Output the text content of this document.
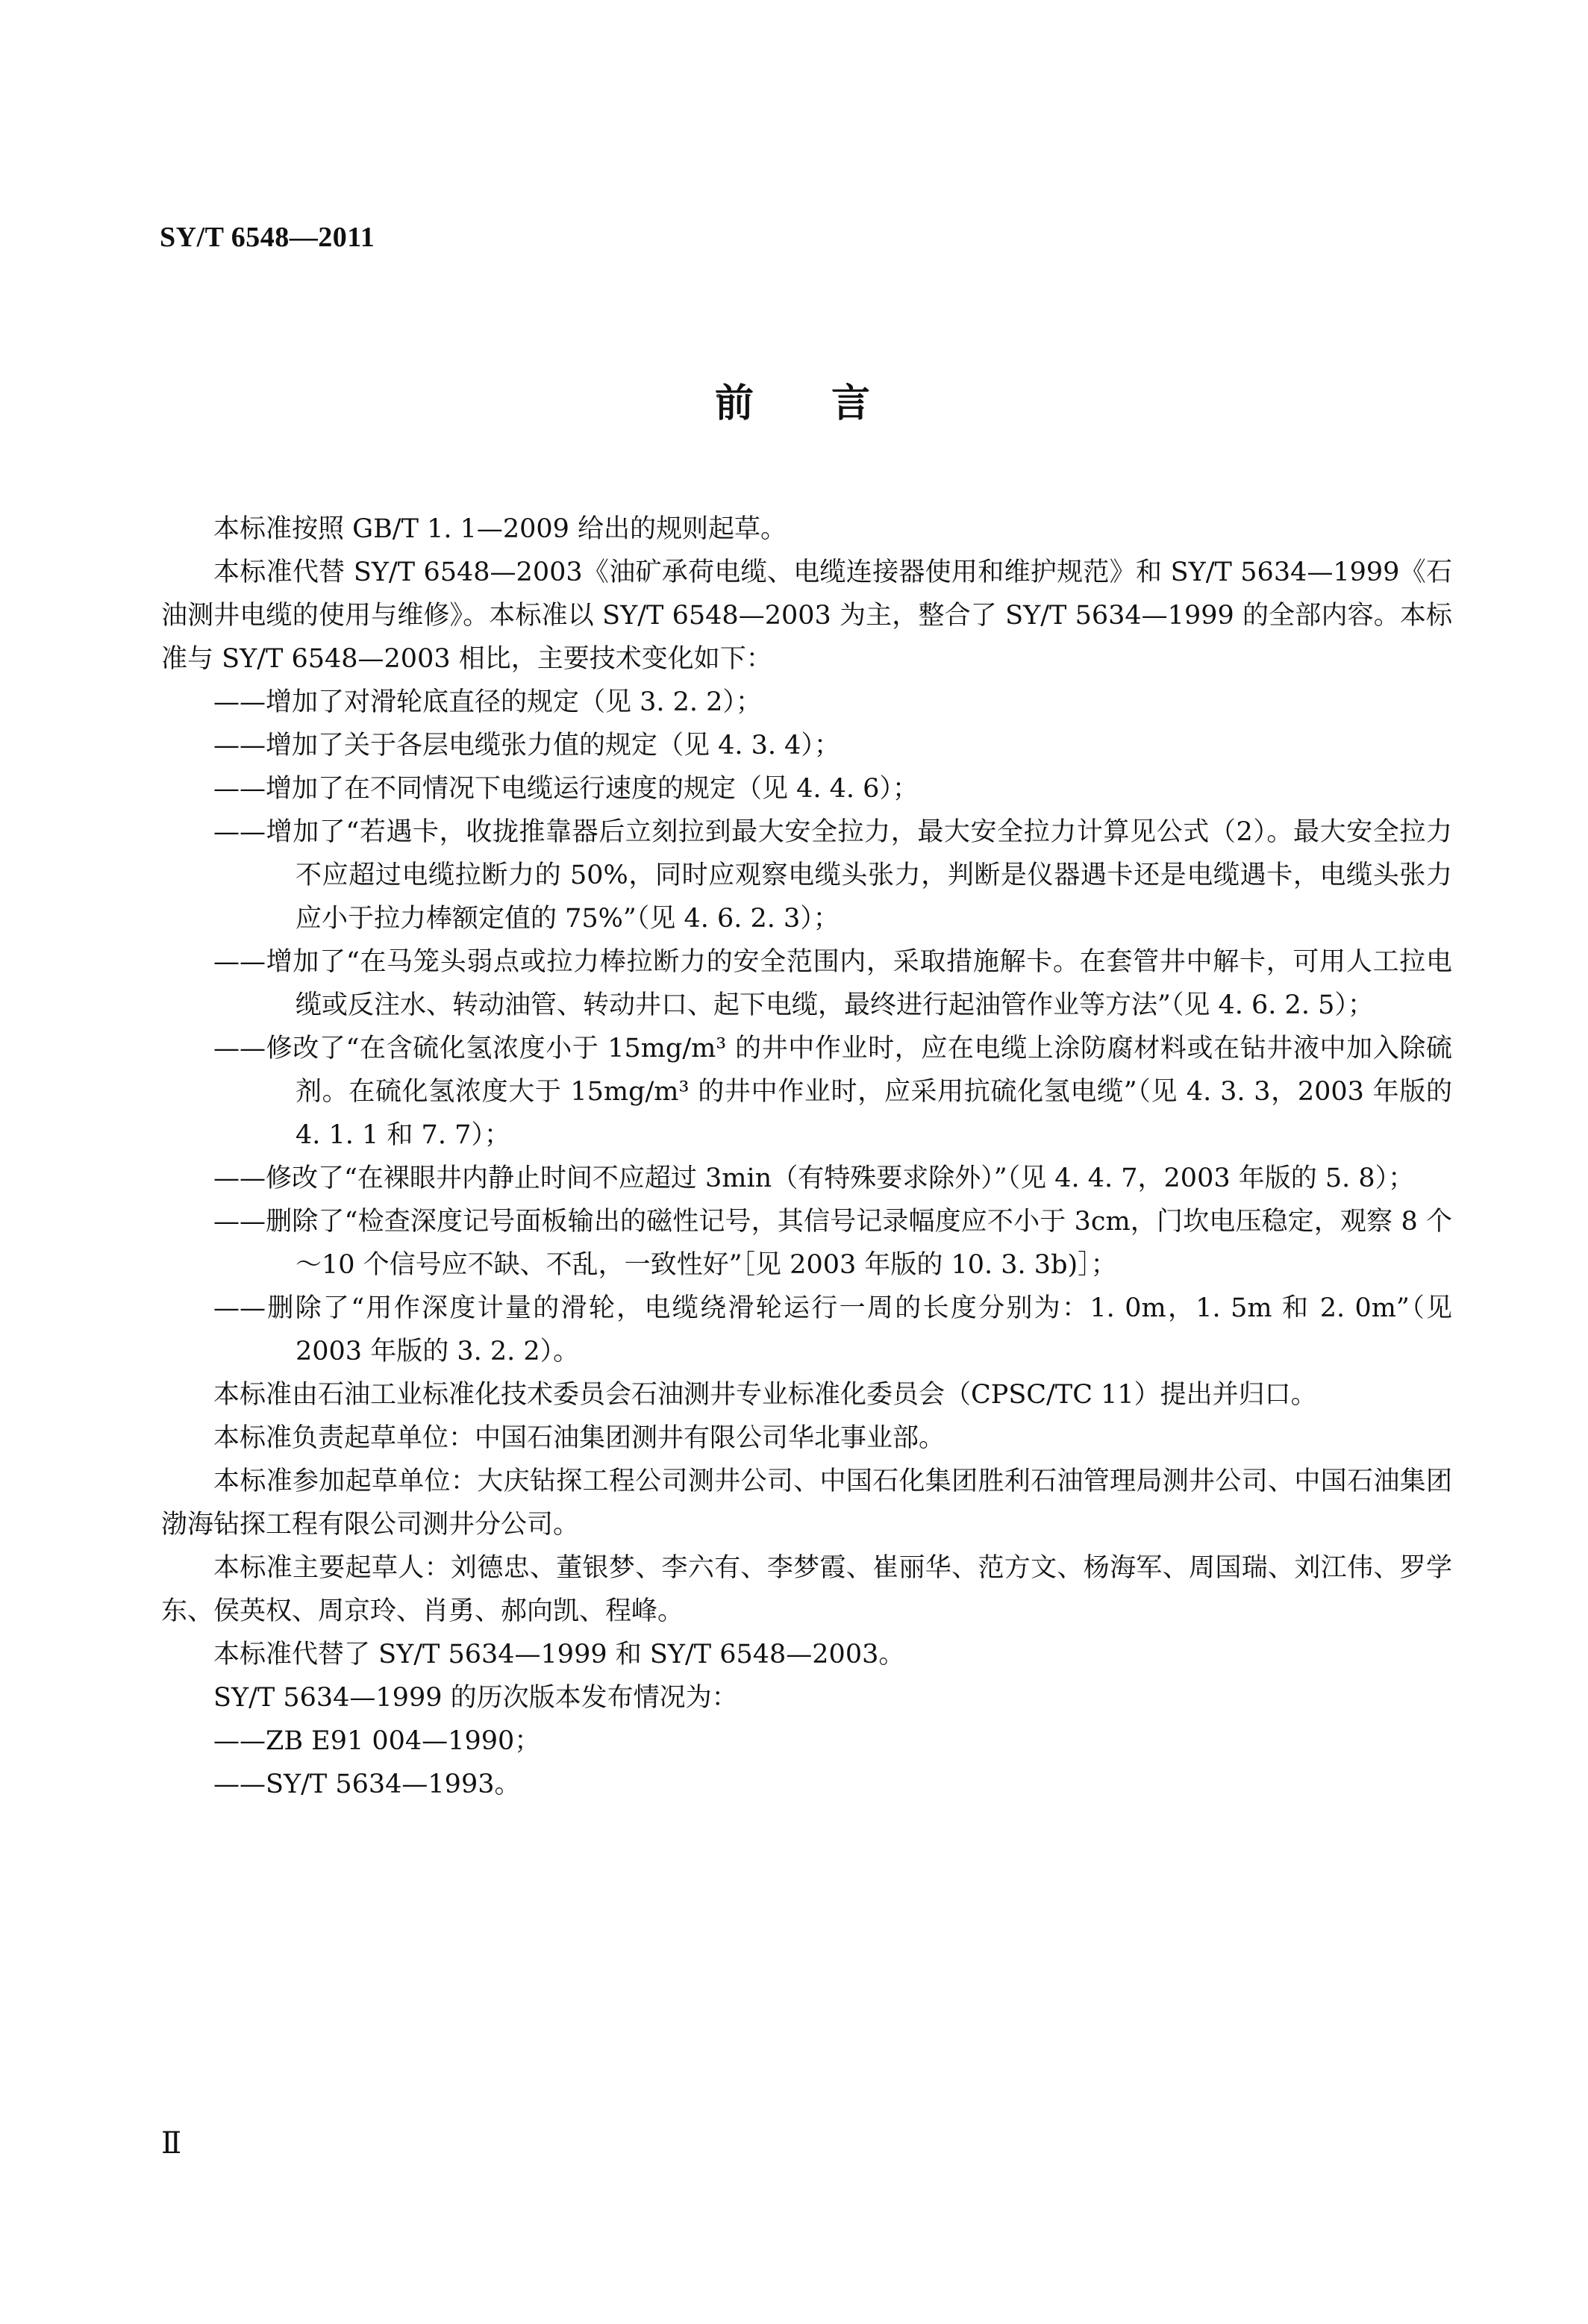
SY/T 6548—2011
前 言

本标准按照 GB/T 1. 1—2009 给出的规则起草。

本标准代替 SY/T 6548—2003《油矿承荷电缆、电缆连接器使用和维护规范》和 SY/T 5634—1999《石油测井电缆的使用与维修》。本标准以 SY/T 6548—2003 为主，整合了 SY/T 5634—1999 的全部内容。本标准与 SY/T 6548—2003 相比，主要技术变化如下：

——增加了对滑轮底直径的规定（见 3. 2. 2）；

——增加了关于各层电缆张力值的规定（见 4. 3. 4）；

——增加了在不同情况下电缆运行速度的规定（见 4. 4. 6）；

——增加了“若遇卡，收拢推靠器后立刻拉到最大安全拉力，最大安全拉力计算见公式（2）。最大安全拉力不应超过电缆拉断力的 50%，同时应观察电缆头张力，判断是仪器遇卡还是电缆遇卡，电缆头张力应小于拉力棒额定值的 75%”（见 4. 6. 2. 3）；

——增加了“在马笼头弱点或拉力棒拉断力的安全范围内，采取措施解卡。在套管井中解卡，可用人工拉电缆或反注水、转动油管、转动井口、起下电缆，最终进行起油管作业等方法”（见 4. 6. 2. 5）；

——修改了“在含硫化氢浓度小于 15mg/m³ 的井中作业时，应在电缆上涂防腐材料或在钻井液中加入除硫剂。在硫化氢浓度大于 15mg/m³ 的井中作业时，应采用抗硫化氢电缆”（见 4. 3. 3，2003 年版的 4. 1. 1 和 7. 7）；

——修改了“在裸眼井内静止时间不应超过 3min（有特殊要求除外）”（见 4. 4. 7，2003 年版的 5. 8）；

——删除了“检查深度记号面板输出的磁性记号，其信号记录幅度应不小于 3cm，门坎电压稳定，观察 8 个～10 个信号应不缺、不乱，一致性好”［见 2003 年版的 10. 3. 3b)］；

——删除了“用作深度计量的滑轮，电缆绕滑轮运行一周的长度分别为：1. 0m，1. 5m 和 2. 0m”（见 2003 年版的 3. 2. 2）。

本标准由石油工业标准化技术委员会石油测井专业标准化委员会（CPSC/TC 11）提出并归口。

本标准负责起草单位：中国石油集团测井有限公司华北事业部。

本标准参加起草单位：大庆钻探工程公司测井公司、中国石化集团胜利石油管理局测井公司、中国石油集团渤海钻探工程有限公司测井分公司。

本标准主要起草人：刘德忠、董银梦、李六有、李梦霞、崔丽华、范方文、杨海军、周国瑞、刘江伟、罗学东、侯英权、周京玲、肖勇、郝向凯、程峰。

本标准代替了 SY/T 5634—1999 和 SY/T 6548—2003。

SY/T 5634—1999 的历次版本发布情况为：

——ZB E91 004—1990；

——SY/T 5634—1993。

Ⅱ
